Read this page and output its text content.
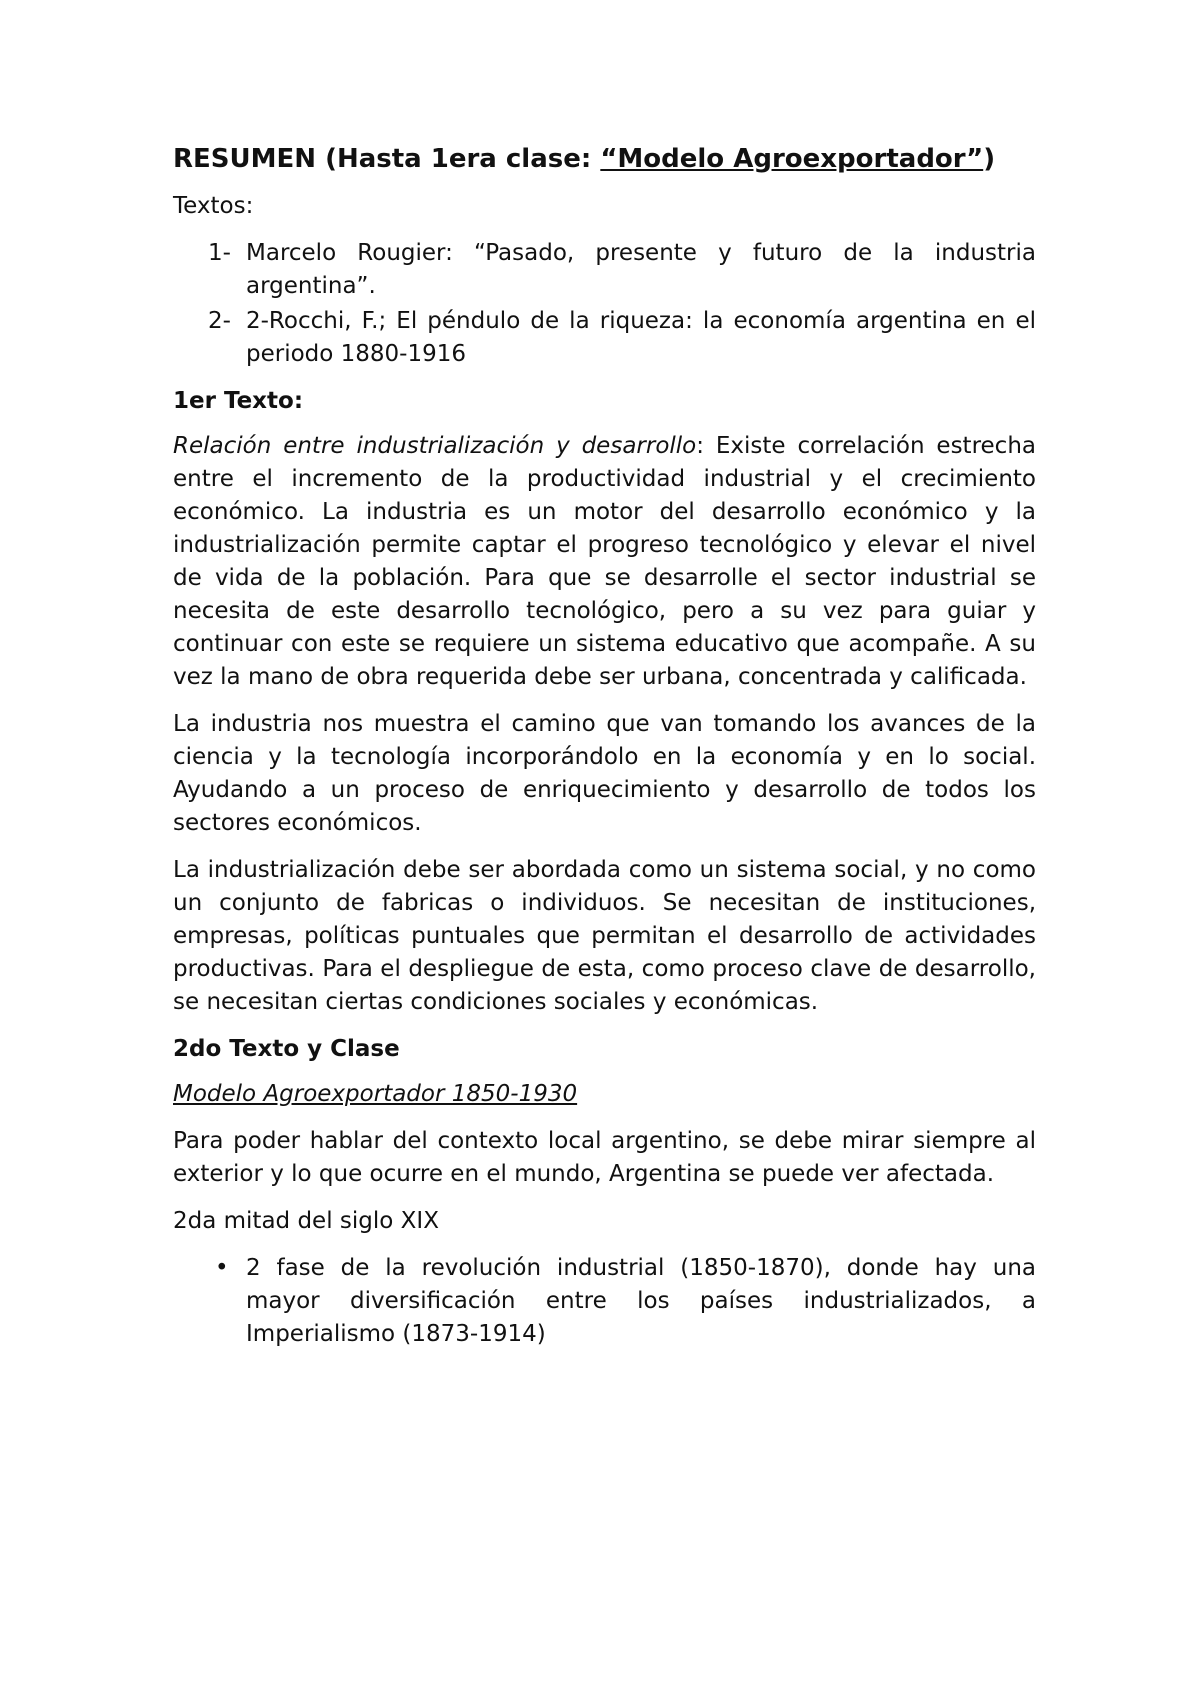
RESUMEN (Hasta 1era clase: “Modelo Agroexportador”)

Textos:

1- Marcelo Rougier: “Pasado, presente y futuro de la industria argentina”.
2- 2-Rocchi, F.; El péndulo de la riqueza: la economía argentina en el periodo 1880-1916

1er Texto:

Relación entre industrialización y desarrollo: Existe correlación estrecha entre el incremento de la productividad industrial y el crecimiento económico. La industria es un motor del desarrollo económico y la industrialización permite captar el progreso tecnológico y elevar el nivel de vida de la población. Para que se desarrolle el sector industrial se necesita de este desarrollo tecnológico, pero a su vez para guiar y continuar con este se requiere un sistema educativo que acompañe. A su vez la mano de obra requerida debe ser urbana, concentrada y calificada.

La industria nos muestra el camino que van tomando los avances de la ciencia y la tecnología incorporándolo en la economía y en lo social. Ayudando a un proceso de enriquecimiento y desarrollo de todos los sectores económicos.

La industrialización debe ser abordada como un sistema social, y no como un conjunto de fabricas o individuos. Se necesitan de instituciones, empresas, políticas puntuales que permitan el desarrollo de actividades productivas. Para el despliegue de esta, como proceso clave de desarrollo, se necesitan ciertas condiciones sociales y económicas.

2do Texto y Clase

Modelo Agroexportador 1850-1930

Para poder hablar del contexto local argentino, se debe mirar siempre al exterior y lo que ocurre en el mundo, Argentina se puede ver afectada.

2da mitad del siglo XIX

• 2 fase de la revolución industrial (1850-1870), donde hay una mayor diversificación entre los países industrializados, a Imperialismo (1873-1914)
